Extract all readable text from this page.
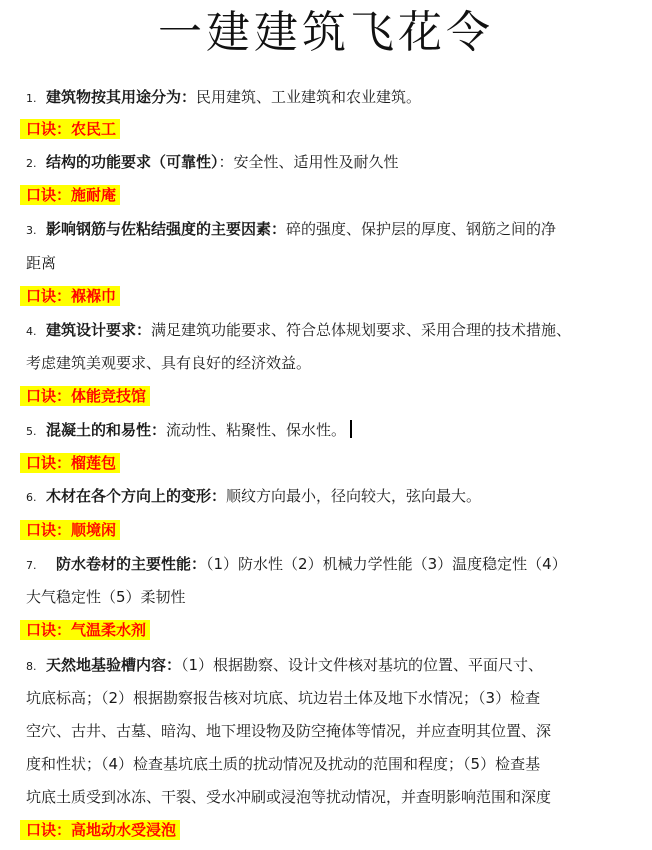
一建建筑飞花令
1. 建筑物按其用途分为：民用建筑、工业建筑和农业建筑。
口诀：农民工
2. 结构的功能要求（可靠性）：安全性、适用性及耐久性
口诀：施耐庵
3. 影响钢筋与佐粘结强度的主要因素：碎的强度、保护层的厚度、钢筋之间的净
距离
口诀：褓褓巾
4. 建筑设计要求：满足建筑功能要求、符合总体规划要求、采用合理的技术措施、
考虑建筑美观要求、具有良好的经济效益。
口诀：体能竞技馆
5. 混凝土的和易性：流动性、粘聚性、保水性。
口诀：榴莲包
6. 木材在各个方向上的变形：顺纹方向最小，径向较大，弦向最大。
口诀：顺境闲
7. 防水卷材的主要性能：（1）防水性（2）机械力学性能（3）温度稳定性（4）
大气稳定性（5）柔韧性
口诀：气温柔水剂
8. 天然地基验槽内容：（1）根据勘察、设计文件核对基坑的位置、平面尺寸、
坑底标高；（2）根据勘察报告核对坑底、坑边岩土体及地下水情况；（3）检查
空穴、古井、古墓、暗沟、地下埋设物及防空掩体等情况，并应查明其位置、深
度和性状；（4）检查基坑底土质的扰动情况及扰动的范围和程度；（5）检查基
坑底土质受到冰冻、干裂、受水冲刷或浸泡等扰动情况，并查明影响范围和深度
口诀：高地动水受浸泡
